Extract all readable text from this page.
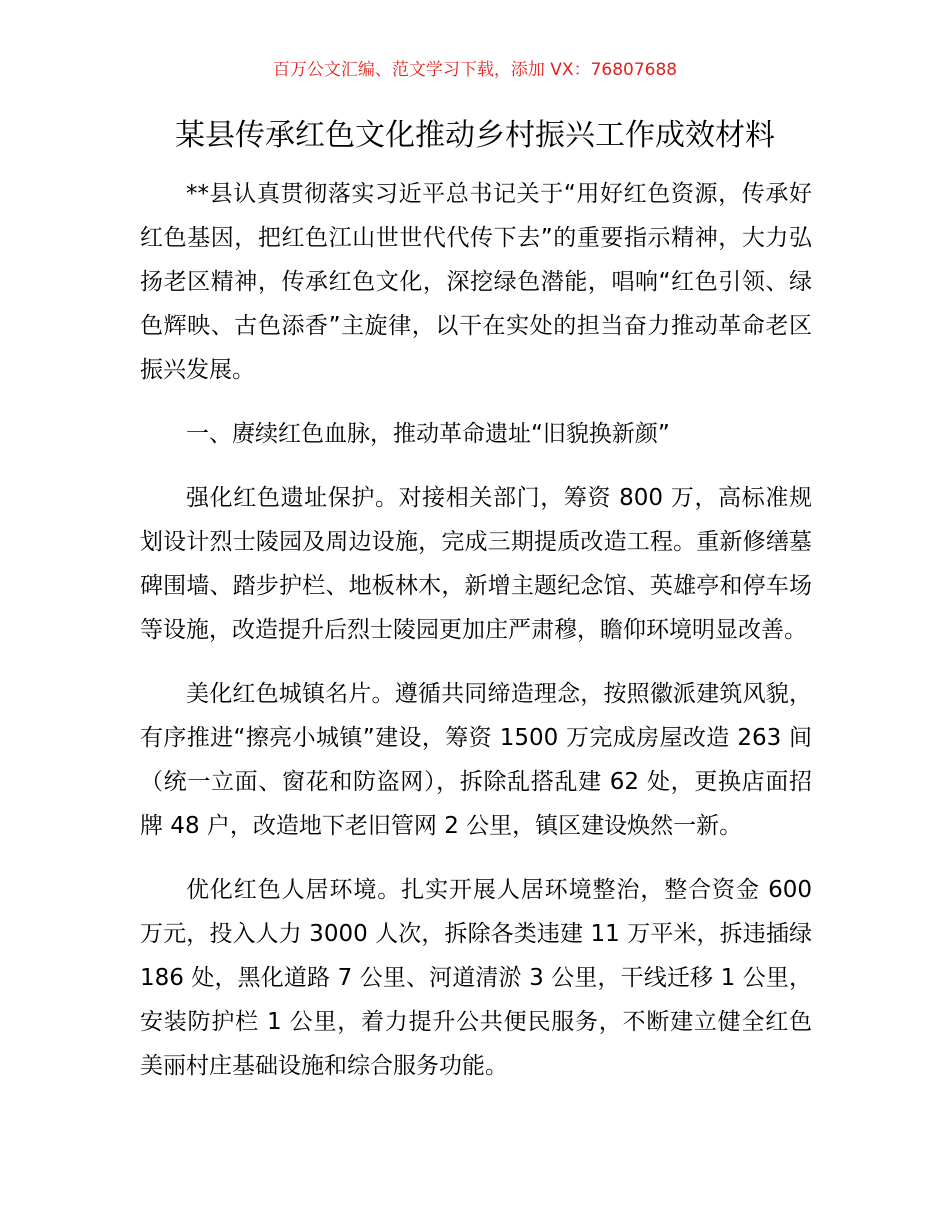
百万公文汇编、范文学习下载，添加 VX：76807688
某县传承红色文化推动乡村振兴工作成效材料

**县认真贯彻落实习近平总书记关于“用好红色资源，传承好红色基因，把红色江山世世代代传下去”的重要指示精神，大力弘扬老区精神，传承红色文化，深挖绿色潜能，唱响“红色引领、绿色辉映、古色添香”主旋律，以干在实处的担当奋力推动革命老区振兴发展。

一、赓续红色血脉，推动革命遗址“旧貌换新颜”

强化红色遗址保护。对接相关部门，筹资 800 万，高标准规划设计烈士陵园及周边设施，完成三期提质改造工程。重新修缮墓碑围墙、踏步护栏、地板林木，新增主题纪念馆、英雄亭和停车场等设施，改造提升后烈士陵园更加庄严肃穆，瞻仰环境明显改善。

美化红色城镇名片。遵循共同缔造理念，按照徽派建筑风貌，有序推进“擦亮小城镇”建设，筹资 1500 万完成房屋改造 263 间（统一立面、窗花和防盗网），拆除乱搭乱建 62 处，更换店面招牌 48 户，改造地下老旧管网 2 公里，镇区建设焕然一新。

优化红色人居环境。扎实开展人居环境整治，整合资金 600 万元，投入人力 3000 人次，拆除各类违建 11 万平米，拆违插绿 186 处，黑化道路 7 公里、河道清淤 3 公里，干线迁移 1 公里，安装防护栏 1 公里，着力提升公共便民服务，不断建立健全红色美丽村庄基础设施和综合服务功能。
